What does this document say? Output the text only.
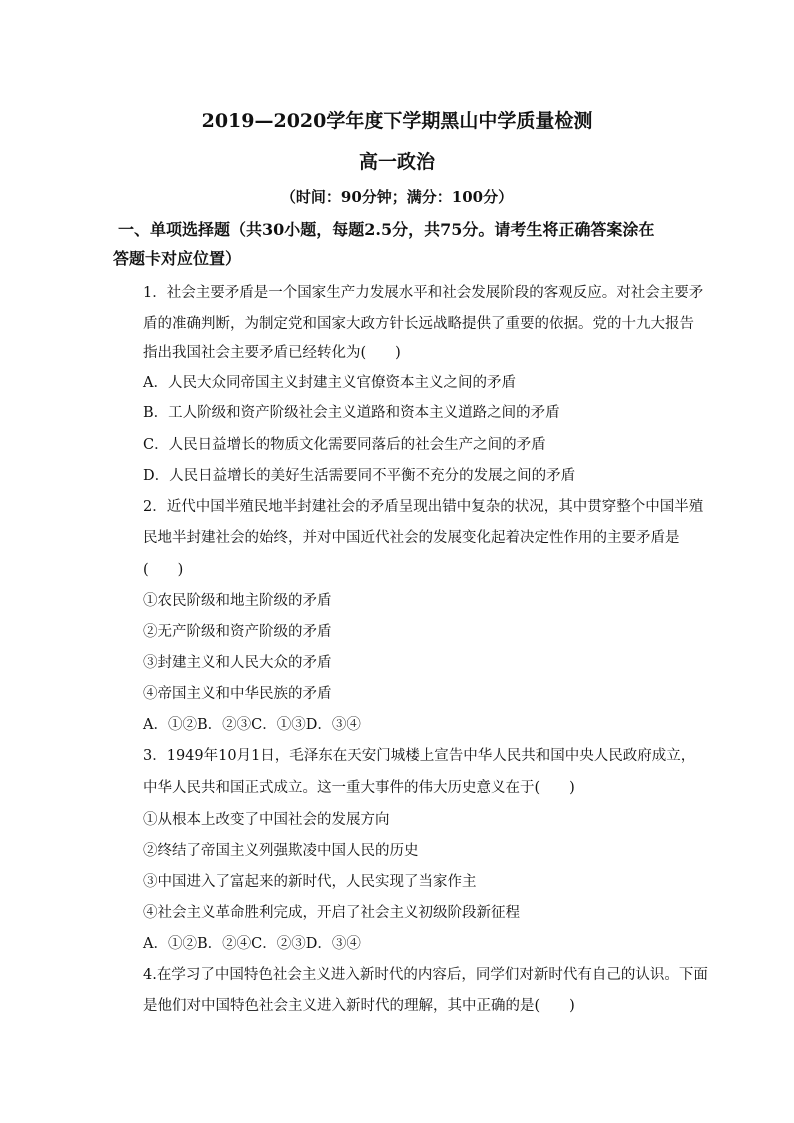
2019—2020学年度下学期黑山中学质量检测
高一政治
（时间：90分钟；满分：100分）
一、单项选择题（共30小题，每题2.5分，共75分。请考生将正确答案涂在
答题卡对应位置）
1．社会主要矛盾是一个国家生产力发展水平和社会发展阶段的客观反应。对社会主要矛
盾的准确判断，为制定党和国家大政方针长远战略提供了重要的依据。党的十九大报告
指出我国社会主要矛盾已经转化为(　　)
A．人民大众同帝国主义封建主义官僚资本主义之间的矛盾
B．工人阶级和资产阶级社会主义道路和资本主义道路之间的矛盾
C．人民日益增长的物质文化需要同落后的社会生产之间的矛盾
D．人民日益增长的美好生活需要同不平衡不充分的发展之间的矛盾
2．近代中国半殖民地半封建社会的矛盾呈现出错中复杂的状况，其中贯穿整个中国半殖
民地半封建社会的始终，并对中国近代社会的发展变化起着决定性作用的主要矛盾是
(　　)
①农民阶级和地主阶级的矛盾
②无产阶级和资产阶级的矛盾
③封建主义和人民大众的矛盾
④帝国主义和中华民族的矛盾
A．①②B．②③C．①③D．③④
3．1949年10月1日，毛泽东在天安门城楼上宣告中华人民共和国中央人民政府成立，
中华人民共和国正式成立。这一重大事件的伟大历史意义在于(　　)
①从根本上改变了中国社会的发展方向
②终结了帝国主义列强欺凌中国人民的历史
③中国进入了富起来的新时代，人民实现了当家作主
④社会主义革命胜利完成，开启了社会主义初级阶段新征程
A．①②B．②④C．②③D．③④
4.在学习了中国特色社会主义进入新时代的内容后，同学们对新时代有自己的认识。下面
是他们对中国特色社会主义进入新时代的理解，其中正确的是(　　)
